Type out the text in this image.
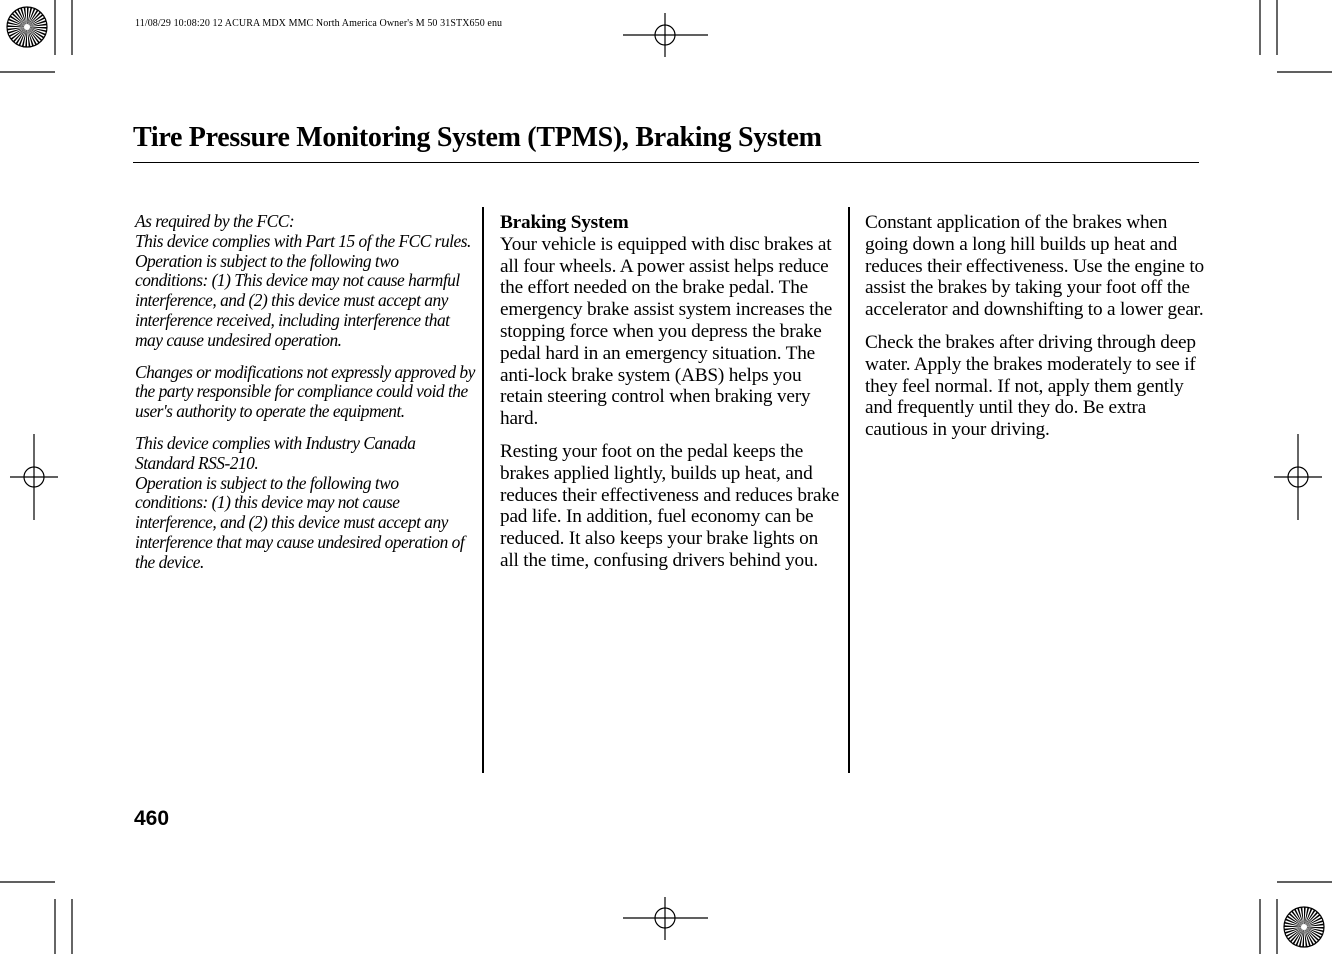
11/08/29 10:08:20 12 ACURA MDX MMC North America Owner's M 50 31STX650 enu
Tire Pressure Monitoring System (TPMS), Braking System

As required by the FCC:
This device complies with Part 15 of the FCC rules. Operation is subject to the following two conditions: (1) This device may not cause harmful interference, and (2) this device must accept any interference received, including interference that may cause undesired operation.

Changes or modifications not expressly approved by the party responsible for compliance could void the user's authority to operate the equipment.

This device complies with Industry Canada Standard RSS-210.
Operation is subject to the following two conditions: (1) this device may not cause interference, and (2) this device must accept any interference that may cause undesired operation of the device.

Braking System
Your vehicle is equipped with disc brakes at all four wheels. A power assist helps reduce the effort needed on the brake pedal. The emergency brake assist system increases the stopping force when you depress the brake pedal hard in an emergency situation. The anti-lock brake system (ABS) helps you retain steering control when braking very hard.

Resting your foot on the pedal keeps the brakes applied lightly, builds up heat, and reduces their effectiveness and reduces brake pad life. In addition, fuel economy can be reduced. It also keeps your brake lights on all the time, confusing drivers behind you.

Constant application of the brakes when going down a long hill builds up heat and reduces their effectiveness. Use the engine to assist the brakes by taking your foot off the accelerator and downshifting to a lower gear.

Check the brakes after driving through deep water. Apply the brakes moderately to see if they feel normal. If not, apply them gently and frequently until they do. Be extra cautious in your driving.

460
